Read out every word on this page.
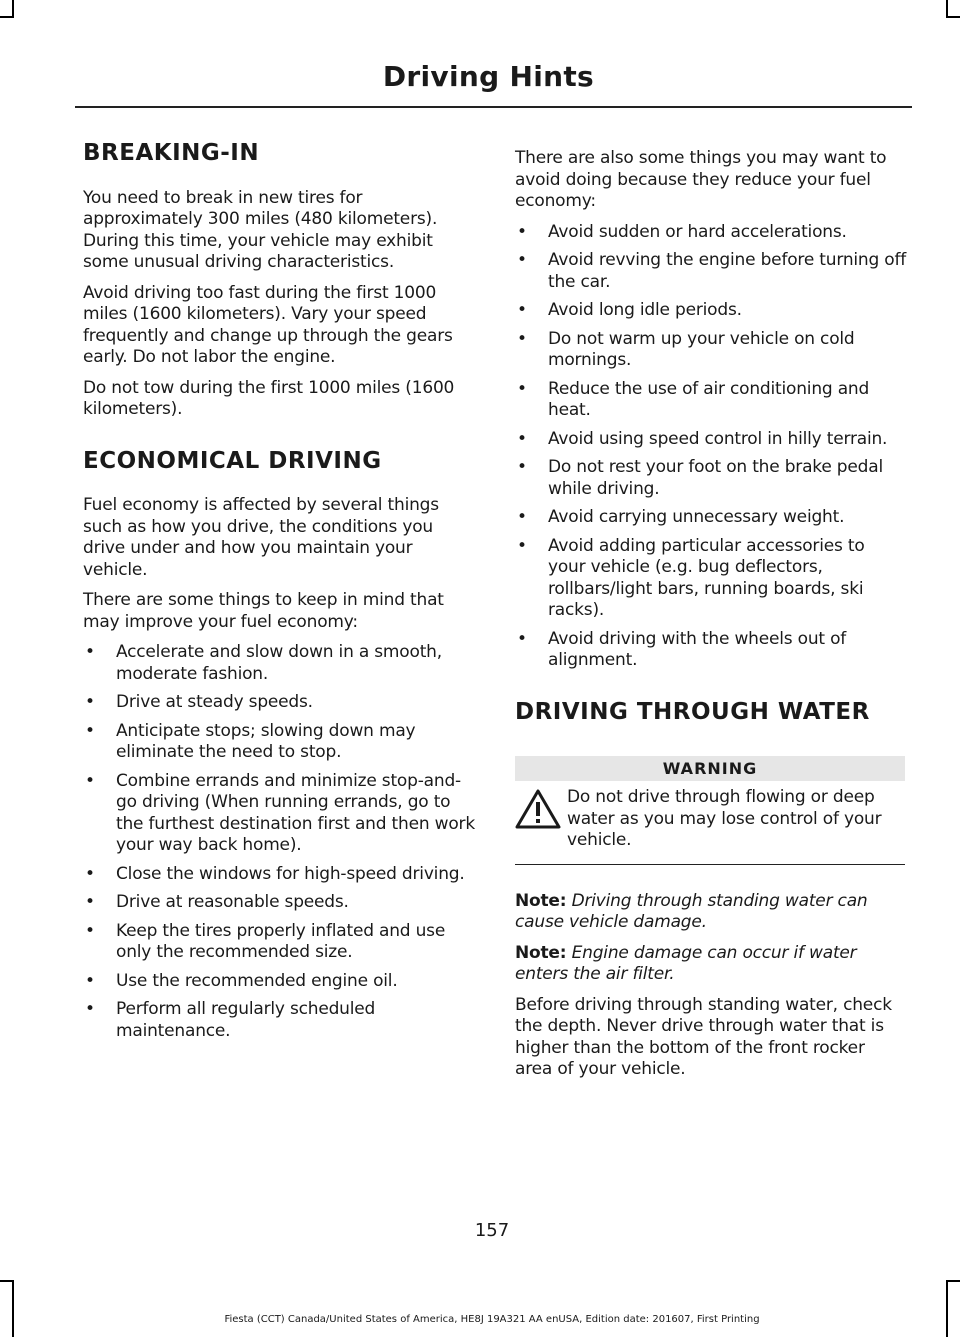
Driving Hints
BREAKING-IN

You need to break in new tires for approximately 300 miles (480 kilometers). During this time, your vehicle may exhibit some unusual driving characteristics.

Avoid driving too fast during the first 1000 miles (1600 kilometers). Vary your speed frequently and change up through the gears early. Do not labor the engine.

Do not tow during the first 1000 miles (1600 kilometers).

ECONOMICAL DRIVING

Fuel economy is affected by several things such as how you drive, the conditions you drive under and how you maintain your vehicle.

There are some things to keep in mind that may improve your fuel economy:

• Accelerate and slow down in a smooth, moderate fashion.
• Drive at steady speeds.
• Anticipate stops; slowing down may eliminate the need to stop.
• Combine errands and minimize stop-and-go driving (When running errands, go to the furthest destination first and then work your way back home).
• Close the windows for high-speed driving.
• Drive at reasonable speeds.
• Keep the tires properly inflated and use only the recommended size.
• Use the recommended engine oil.
• Perform all regularly scheduled maintenance.

There are also some things you may want to avoid doing because they reduce your fuel economy:

• Avoid sudden or hard accelerations.
• Avoid revving the engine before turning off the car.
• Avoid long idle periods.
• Do not warm up your vehicle on cold mornings.
• Reduce the use of air conditioning and heat.
• Avoid using speed control in hilly terrain.
• Do not rest your foot on the brake pedal while driving.
• Avoid carrying unnecessary weight.
• Avoid adding particular accessories to your vehicle (e.g. bug deflectors, rollbars/light bars, running boards, ski racks).
• Avoid driving with the wheels out of alignment.
DRIVING THROUGH WATER
WARNING
Do not drive through flowing or deep water as you may lose control of your vehicle.

Note: Driving through standing water can cause vehicle damage.

Note: Engine damage can occur if water enters the air filter.

Before driving through standing water, check the depth. Never drive through water that is higher than the bottom of the front rocker area of your vehicle.

157
Fiesta (CCT) Canada/United States of America, HE8J 19A321 AA enUSA, Edition date: 201607, First Printing
